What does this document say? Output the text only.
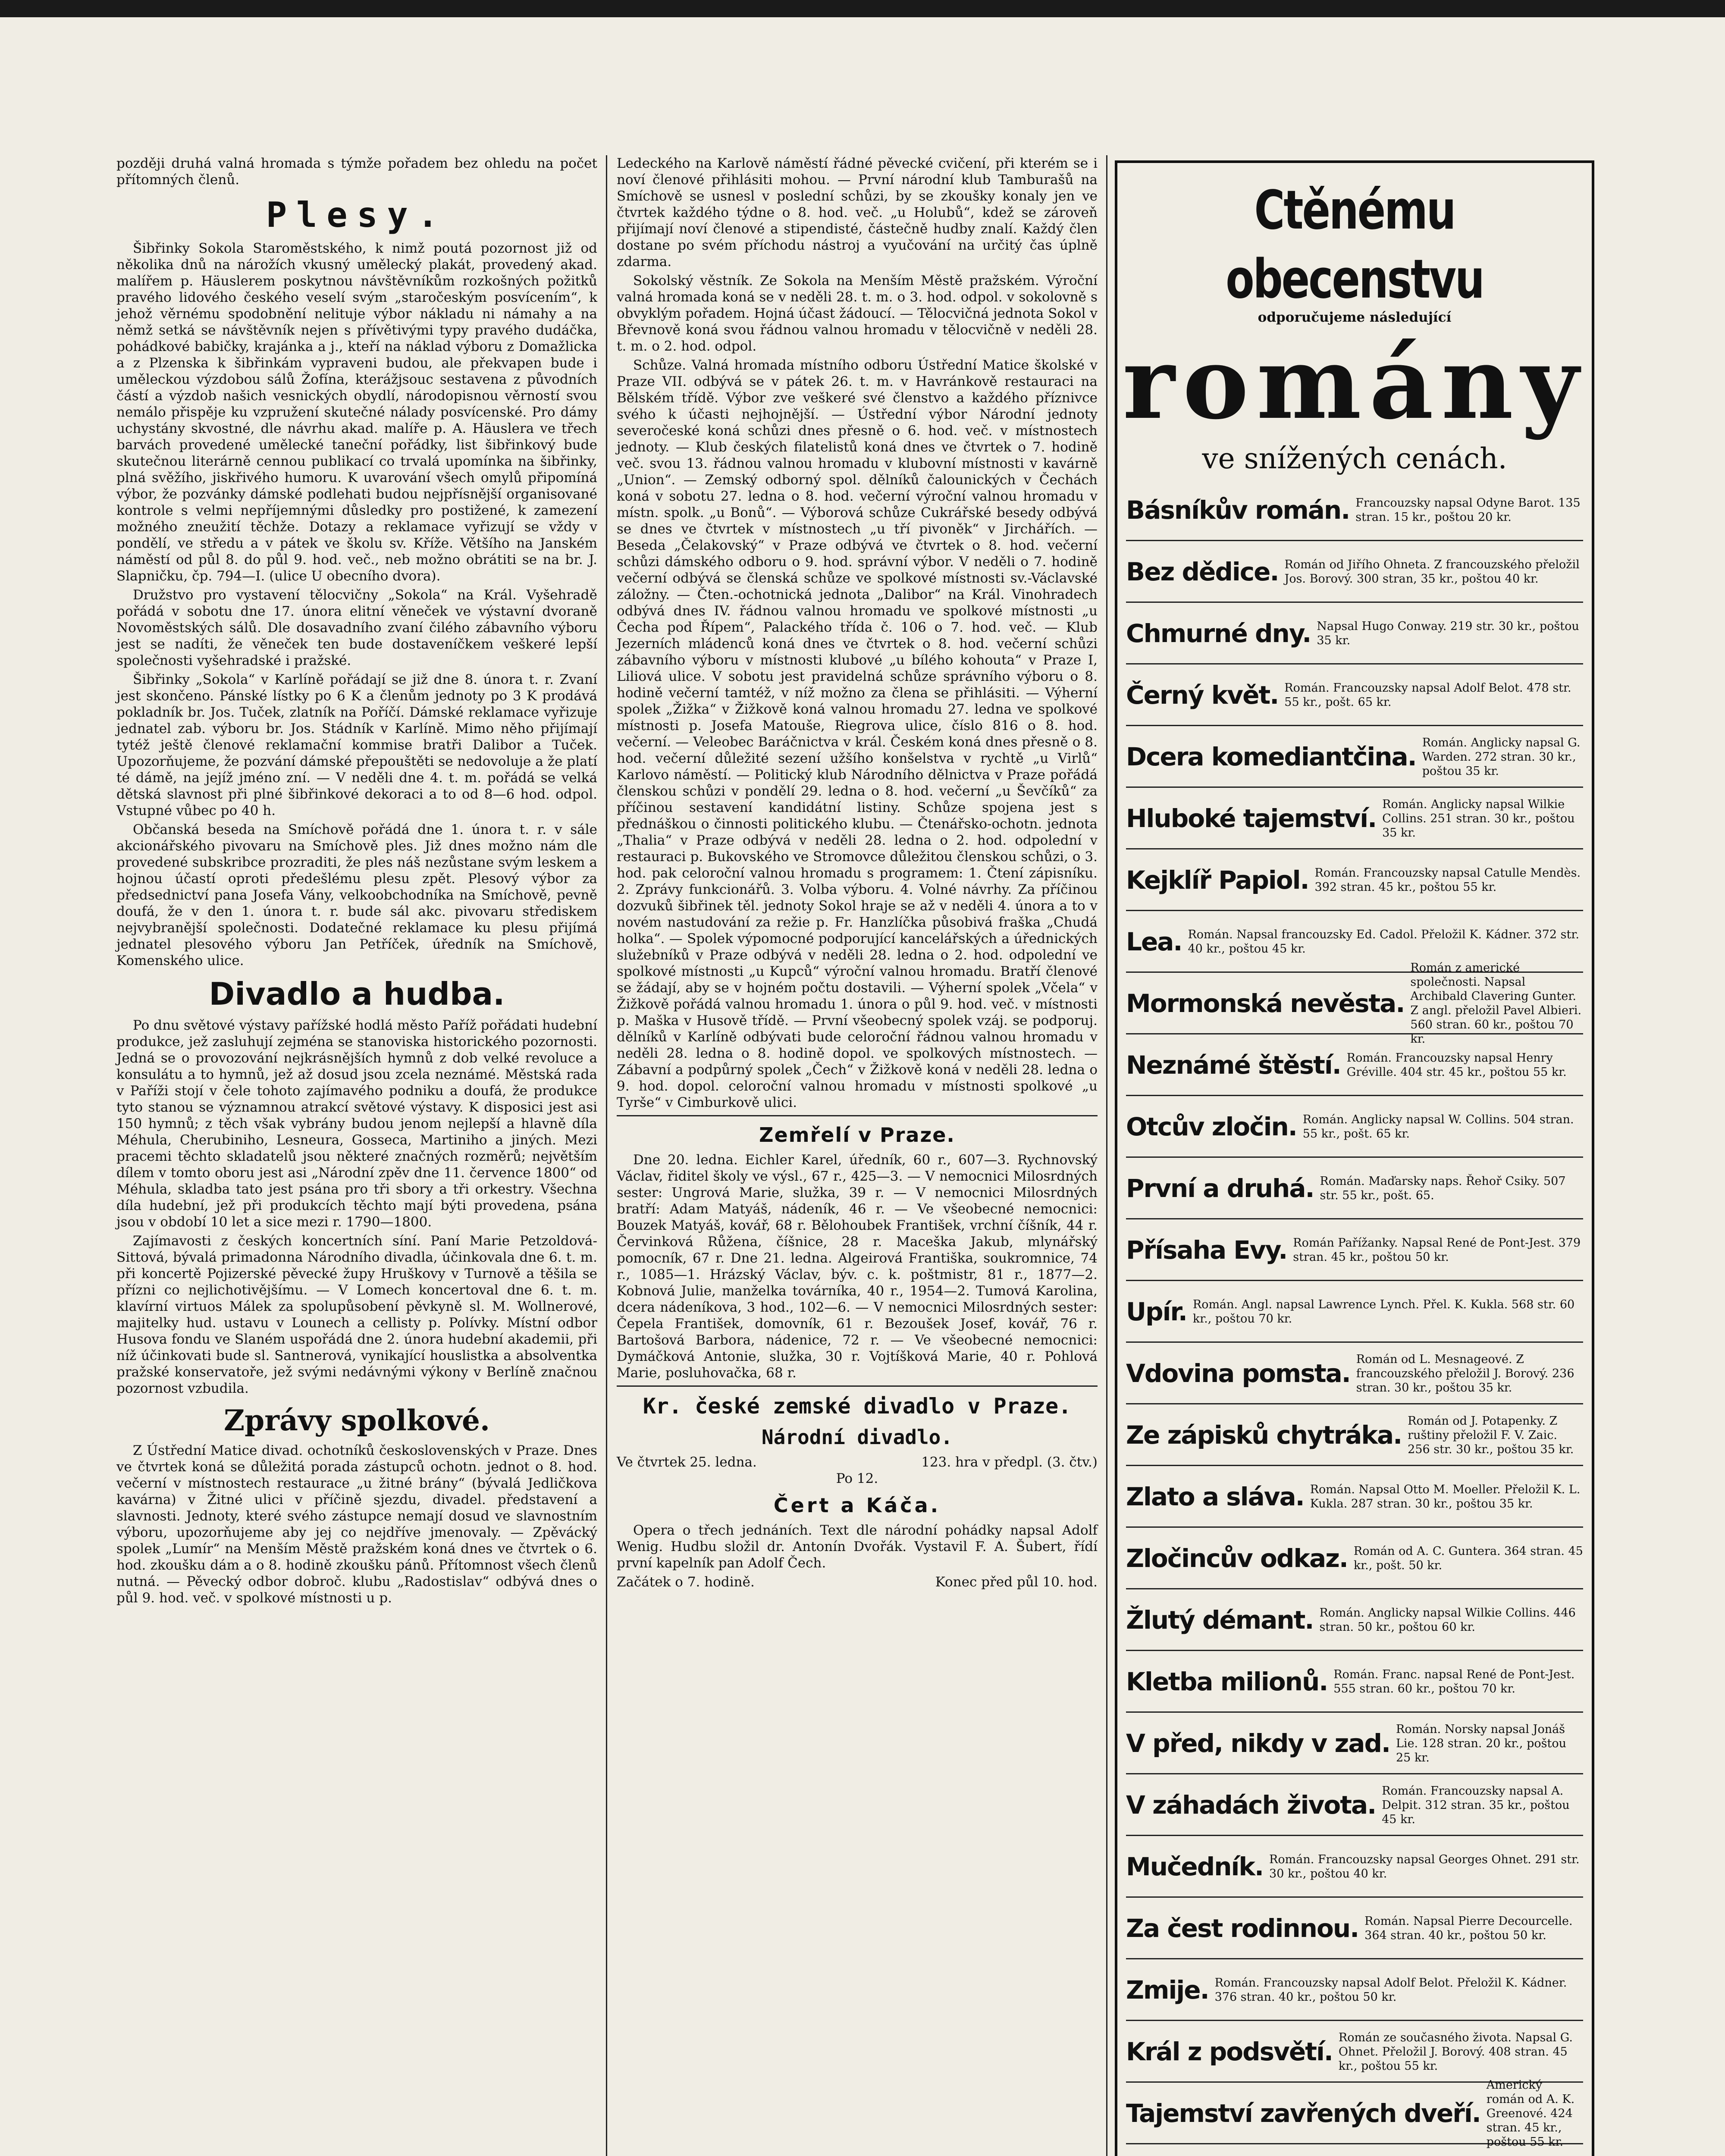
později druhá valná hromada s týmže pořadem bez ohledu na počet přítomných členů.

Plesy.

Šibřinky Sokola Staroměstského, k nimž poutá pozornost již od několika dnů na nárožích vkusný umělecký plakát, provedený akad. malířem p. Häuslerem poskytnou návštěvníkům rozkošných požitků pravého lidového českého veselí svým „staročeským posvícením“, k jehož věrnému spodobnění nelituje výbor nákladu ni námahy a na němž setká se návštěvník nejen s přívětivými typy pravého dudáčka, pohádkové babičky, krajánka a j., kteří na náklad výboru z Domažlicka a z Plzenska k šibřinkám vypraveni budou, ale překvapen bude i uměleckou výzdobou sálů Žofína, kterážjsouc sestavena z původních částí a výzdob našich vesnických obydlí, národopisnou věrností svou nemálo přispěje ku vzpružení skutečné nálady posvícenské. Pro dámy uchystány skvostné, dle návrhu akad. malíře p. A. Häuslera ve třech barvách provedené umělecké taneční pořádky, list šibřinkový bude skutečnou literárně cennou publikací co trvalá upomínka na šibřinky, plná svěžího, jiskřivého humoru. K uvarování všech omylů připomíná výbor, že pozvánky dámské podlehati budou nejpřísnější organisované kontrole s velmi nepříjemnými důsledky pro postižené, k zamezení možného zneužití těchže. Dotazy a reklamace vyřizují se vždy v pondělí, ve středu a v pátek ve školu sv. Kříže. Většího na Janském náměstí od půl 8. do půl 9. hod. več., neb možno obrátiti se na br. J. Slapničku, čp. 794—I. (ulice U obecního dvora).

Družstvo pro vystavení tělocvičny „Sokola“ na Král. Vyšehradě pořádá v sobotu dne 17. února elitní věneček ve výstavní dvoraně Novoměstských sálů. Dle dosavadního zvaní čilého zábavního výboru jest se nadíti, že věneček ten bude dostaveníčkem veškeré lepší společnosti vyšehradské i pražské.

Šibřinky „Sokola“ v Karlíně pořádají se již dne 8. února t. r. Zvaní jest skončeno. Pánské lístky po 6 K a členům jednoty po 3 K prodává pokladník br. Jos. Tuček, zlatník na Poříčí. Dámské reklamace vyřizuje jednatel zab. výboru br. Jos. Stádník v Karlíně. Mimo něho přijímají tytéž ještě členové reklamační kommise bratři Dalibor a Tuček. Upozorňujeme, že pozvání dámské přepouštěti se nedovoluje a že platí té dámě, na jejíž jméno zní. — V neděli dne 4. t. m. pořádá se velká dětská slavnost při plné šibřinkové dekoraci a to od 8—6 hod. odpol. Vstupné vůbec po 40 h.

Občanská beseda na Smíchově pořádá dne 1. února t. r. v sále akcionářského pivovaru na Smíchově ples. Již dnes možno nám dle provedené subskribce prozraditi, že ples náš nezůstane svým leskem a hojnou účastí oproti předešlému plesu zpět. Plesový výbor za předsednictví pana Josefa Vány, velkoobchodníka na Smíchově, pevně doufá, že v den 1. února t. r. bude sál akc. pivovaru střediskem nejvybranější společnosti. Dodatečné reklamace ku plesu přijímá jednatel plesového výboru Jan Petříček, úředník na Smíchově, Komenského ulice.

Divadlo a hudba.

Po dnu světové výstavy pařížské hodlá město Paříž pořádati hudební produkce, jež zasluhují zejména se stanoviska historického pozornosti. Jedná se o provozování nejkrásnějších hymnů z dob velké revoluce a konsulátu a to hymnů, jež až dosud jsou zcela neznámé. Městská rada v Paříži stojí v čele tohoto zajímavého podniku a doufá, že produkce tyto stanou se významnou atrakcí světové výstavy. K disposici jest asi 150 hymnů; z těch však vybrány budou jenom nejlepší a hlavně díla Méhula, Cherubiniho, Lesneura, Gossecа, Martiniho a jiných. Mezi pracemi těchto skladatelů jsou některé značných rozměrů; největším dílem v tomto oboru jest asi „Národní zpěv dne 11. července 1800“ od Méhula, skladba tato jest psána pro tři sbory a tři orkestry. Všechna díla hudební, jež při produkcích těchto mají býti provedena, psána jsou v období 10 let a sice mezi r. 1790—1800.

Zajímavosti z českých koncertních síní. Paní Marie Petzoldová-Sittová, bývalá primadonna Národního divadla, účinkovala dne 6. t. m. při koncertě Pojizerské pěvecké župy Hruškovy v Turnově a těšila se přízni co nejlichotivějšímu. — V Lomech koncertoval dne 6. t. m. klavírní virtuos Málek za spolupůsobení pěvkyně sl. M. Wollnerové, majitelky hud. ustavu v Lounech a cellisty p. Polívky. Místní odbor Husova fondu ve Slaném uspořádá dne 2. února hudební akademii, při níž účinkovati bude sl. Santnerová, vynikající houslistka a absolventka pražské konservatoře, jež svými nedávnými výkony v Berlíně značnou pozornost vzbudila.

Zprávy spolkové.

Z Ústřední Matice divad. ochotníků československých v Praze. Dnes ve čtvrtek koná se důležitá porada zástupců ochotn. jednot o 8. hod. večerní v místnostech restaurace „u žitné brány“ (bývalá Jedličkova kavárna) v Žitné ulici v příčině sjezdu, divadel. představení a slavnosti. Jednoty, které svého zástupce nemají dosud ve slavnostním výboru, upozorňujeme aby jej co nejdříve jmenovaly. — Zpěvácký spolek „Lumír“ na Menším Městě pražském koná dnes ve čtvrtek o 6. hod. zkoušku dám a o 8. hodině zkoušku pánů. Přítomnost všech členů nutná. — Pěvecký odbor dobroč. klubu „Radostislav“ odbývá dnes o půl 9. hod. več. v spolkové místnosti u p.

Ledeckého na Karlově náměstí řádné pěvecké cvičení, při kterém se i noví členové přihlásiti mohou. — První národní klub Tamburašů na Smíchově se usnesl v poslední schůzi, by se zkoušky konaly jen ve čtvrtek každého týdne o 8. hod. več. „u Holubů“, kdež se zároveň přijímají noví členové a stipendisté, částečně hudby znalí. Každý člen dostane po svém příchodu nástroj a vyučování na určitý čas úplně zdarma.

Sokolský věstník. Ze Sokola na Menším Městě pražském. Výroční valná hromada koná se v neděli 28. t. m. o 3. hod. odpol. v sokolovně s obvyklým pořadem. Hojná účast žádoucí. — Tělocvičná jednota Sokol v Břevnově koná svou řádnou valnou hromadu v tělocvičně v neděli 28. t. m. o 2. hod. odpol.

Schůze. Valná hromada místního odboru Ústřední Matice školské v Praze VII. odbývá se v pátek 26. t. m. v Havránkově restauraci na Bělském třídě. Výbor zve veškeré své členstvo a každého příznivce svého k účasti nejhojnější. — Ústřední výbor Národní jednoty severočeské koná schůzi dnes přesně o 6. hod. več. v místnostech jednoty. — Klub českých filatelistů koná dnes ve čtvrtek o 7. hodině več. svou 13. řádnou valnou hromadu v klubovní místnosti v kavárně „Union“. — Zemský odborný spol. dělníků čalounických v Čechách koná v sobotu 27. ledna o 8. hod. večerní výroční valnou hromadu v místn. spolk. „u Bonů“. — Výborová schůze Cukrářské besedy odbývá se dnes ve čtvrtek v místnostech „u tří pivoněk“ v Jirchářích. — Beseda „Čelakovský“ v Praze odbývá ve čtvrtek o 8. hod. večerní schůzi dámského odboru o 9. hod. správní výbor. V neděli o 7. hodině večerní odbývá se členská schůze ve spolkové místnosti sv.-Václavské záložny. — Čten.-ochotnická jednota „Dalibor“ na Král. Vinohradech odbývá dnes IV. řádnou valnou hromadu ve spolkové místnosti „u Čecha pod Řípem“, Palackého třída č. 106 o 7. hod. več. — Klub Jezerních mládenců koná dnes ve čtvrtek o 8. hod. večerní schůzi zábavního výboru v místnosti klubové „u bílého kohouta“ v Praze I, Liliová ulice. V sobotu jest pravidelná schůze správního výboru o 8. hodině večerní tamtéž, v níž možno za člena se přihlásiti. — Výherní spolek „Žižka“ v Žižkově koná valnou hromadu 27. ledna ve spolkové místnosti p. Josefa Matouše, Riegrova ulice, číslo 816 o 8. hod. večerní. — Veleobec Baráčnictva v král. Českém koná dnes přesně o 8. hod. večerní důležité sezení užšího konšelstva v rychtě „u Virlů“ Karlovo náměstí. — Politický klub Národního dělnictva v Praze pořádá členskou schůzi v pondělí 29. ledna o 8. hod. večerní „u Ševčíků“ za příčinou sestavení kandidátní listiny. Schůze spojena jest s přednáškou o činnosti politického klubu. — Čtenářsko-ochotn. jednota „Thalia“ v Praze odbývá v neděli 28. ledna o 2. hod. odpolední v restauraci p. Bukovského ve Stromovce důležitou členskou schůzi, o 3. hod. pak celoroční valnou hromadu s programem: 1. Čtení zápisníku. 2. Zprávy funkcionářů. 3. Volba výboru. 4. Volné návrhy. Za příčinou dozvuků šibřinek těl. jednoty Sokol hraje se až v neděli 4. února a to v novém nastudování za režie p. Fr. Hanzlíčka působivá fraška „Chudá holka“. — Spolek výpomocné podporující kancelářských a úřednických služebníků v Praze odbývá v neděli 28. ledna o 2. hod. odpolední ve spolkové místnosti „u Kupců“ výroční valnou hromadu. Bratří členové se žádají, aby se v hojném počtu dostavili. — Výherní spolek „Včela“ v Žižkově pořádá valnou hromadu 1. února o půl 9. hod. več. v místnosti p. Maška v Husově třídě. — První všeobecný spolek vzáj. se podporuj. dělníků v Karlíně odbývati bude celoroční řádnou valnou hromadu v neděli 28. ledna o 8. hodině dopol. ve spolkových místnostech. — Zábavní a podpůrný spolek „Čech“ v Žižkově koná v neděli 28. ledna o 9. hod. dopol. celoroční valnou hromadu v místnosti spolkové „u Tyrše“ v Cimburkově ulici.

Zemřelí v Praze.

Dne 20. ledna. Eichler Karel, úředník, 60 r., 607—3. Rychnovský Václav, řiditel školy ve výsl., 67 r., 425—3. — V nemocnici Milosrdných sester: Ungrová Marie, služka, 39 r. — V nemocnici Milosrdných bratří: Adam Matyáš, nádeník, 46 r. — Ve všeobecné nemocnici: Bouzek Matyáš, kovář, 68 r. Bělohoubek František, vrchní číšník, 44 r. Červinková Růžena, číšnice, 28 r. Maceška Jakub, mlynářský pomocník, 67 r. Dne 21. ledna. Algeirová Františka, soukromnice, 74 r., 1085—1. Hrázský Václav, býv. c. k. poštmistr, 81 r., 1877—2. Kobnová Julie, manželka továrníka, 40 r., 1954—2. Tumová Karolina, dcera nádeníkova, 3 hod., 102—6. — V nemocnici Milosrdných sester: Čepela František, domovník, 61 r. Bezoušek Josef, kovář, 76 r. Bartošová Barbora, nádenice, 72 r. — Ve všeobecné nemocnici: Dymáčková Antonie, služka, 30 r. Vojtíšková Marie, 40 r. Pohlová Marie, posluhovačka, 68 r.

Kr. české zemské divadlo v Praze.
Národní divadlo.
Ve čtvrtek 25. ledna.	123. hra v předpl. (3. čtv.)
Po 12.
Čert a Káča.

Opera o třech jednáních. Text dle národní pohádky napsal Adolf Wenig. Hudbu složil dr. Antonín Dvořák. Vystavil F. A. Šubert, řídí první kapelník pan Adolf Čech.

Začátek o 7. hodině.	Konec před půl 10. hod.
Ctěnému obecenstvu
odporučujeme následující
romány
ve snížených cenách.
Básníkův román. Francouzsky napsal Odyne Barot. 135 stran. 15 kr., poštou 20 kr.
Bez dědice. Román od Jiřího Ohneta. Z francouzského přeložil Jos. Borový. 300 stran, 35 kr., poštou 40 kr.
Chmurné dny. Napsal Hugo Conway. 219 str. 30 kr., poštou 35 kr.
Černý květ. Román. Francouzsky napsal Adolf Belot. 478 str. 55 kr., pošt. 65 kr.
Dcera komediantčina. Román. Anglicky napsal G. Warden. 272 stran. 30 kr., poštou 35 kr.
Hluboké tajemství. Román. Anglicky napsal Wilkie Collins. 251 stran. 30 kr., poštou 35 kr.
Kejklíř Papiol. Román. Francouzsky napsal Catulle Mendès. 392 stran. 45 kr., poštou 55 kr.
Lea. Román. Napsal francouzsky Ed. Cadol. Přeložil K. Kádner. 372 str. 40 kr., poštou 45 kr.
Mormonská nevěsta.
Román z americké společnosti. Napsal Archibald Clavering Gunter. Z angl. přeložil Pavel Albieri. 560 stran. 60 kr., poštou 70 kr.
Neznámé štěstí. Román. Francouzsky napsal Henry Gréville. 404 str. 45 kr., poštou 55 kr.
Otcův zločin. Román. Anglicky napsal W. Collins. 504 stran. 55 kr., pošt. 65 kr.
První a druhá. Román. Maďarsky naps. Řehoř Csiky. 507 str. 55 kr., pošt. 65.
Přísaha Evy. Román Pařížanky. Napsal René de Pont-Jest. 379 stran. 45 kr., poštou 50 kr.
Upír. Román. Angl. napsal Lawrence Lynch. Přel. K. Kukla. 568 str. 60 kr., poštou 70 kr.
Vdovina pomsta. Román od L. Mesnageové. Z francouzského přeložil J. Borový. 236 stran. 30 kr., poštou 35 kr.
Ze zápisků chytráka. Román od J. Potapenky. Z ruštiny přeložil F. V. Zaic. 256 str. 30 kr., poštou 35 kr.
Zlato a sláva. Román. Napsal Otto M. Moeller. Přeložil K. L. Kukla. 287 stran. 30 kr., poštou 35 kr.
Zločincův odkaz. Román od A. C. Guntera. 364 stran. 45 kr., pošt. 50 kr.
Žlutý démant. Román. Anglicky napsal Wilkie Collins. 446 stran. 50 kr., poštou 60 kr.
Kletba milionů. Román. Franc. napsal René de Pont-Jest. 555 stran. 60 kr., poštou 70 kr.
V před, nikdy v zad. Román. Norsky napsal Jonáš Lie. 128 stran. 20 kr., poštou 25 kr.
V záhadách života. Román. Francouzsky napsal A. Delpit. 312 stran. 35 kr., poštou 45 kr.
Mučedník. Román. Francouzsky napsal Georges Ohnet. 291 str. 30 kr., poštou 40 kr.
Za čest rodinnou. Román. Napsal Pierre Decourcelle. 364 stran. 40 kr., poštou 50 kr.
Zmije. Román. Francouzsky napsal Adolf Belot. Přeložil K. Kádner. 376 stran. 40 kr., poštou 50 kr.
Král z podsvětí. Román ze současného života. Napsal G. Ohnet. Přeložil J. Borový. 408 stran. 45 kr., poštou 55 kr.
Tajemství zavřených dveří.
Americký román od A. K. Greenové. 424 stran. 45 kr., poštou 55 kr.
